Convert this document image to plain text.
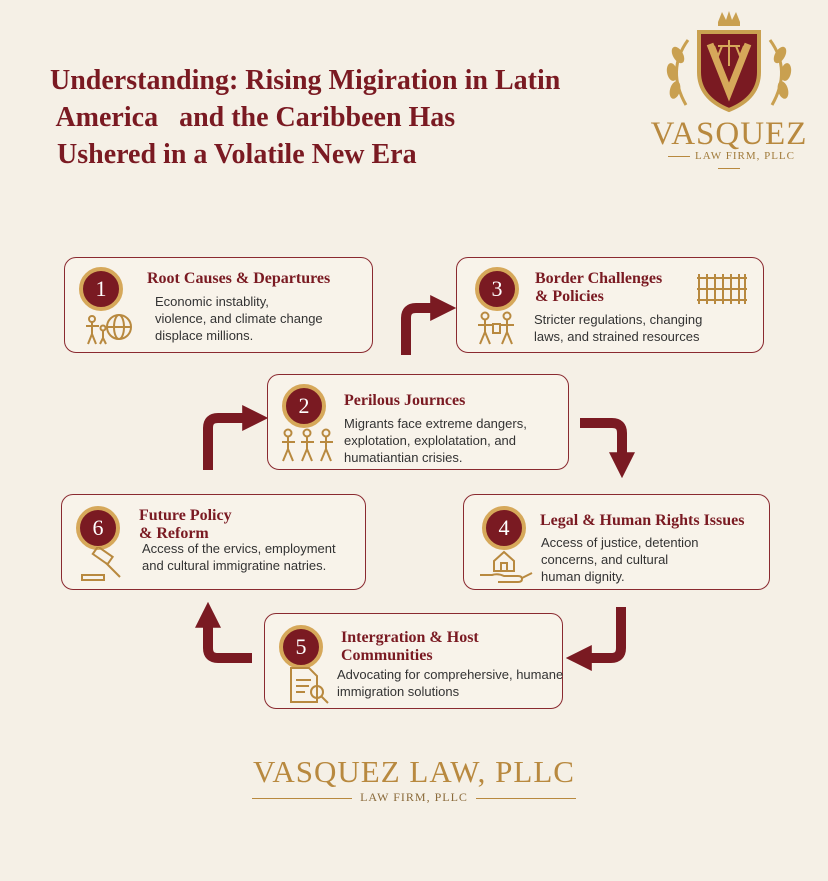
Understanding: Rising Migiration in Latin
America   and the Caribbeen Has
Ushered in a Volatile New Era
VASQUEZ
LAW FIRM, PLLC
1	Root Causes & Departures
Economic instablity,
violence, and climate change
displace millions.
3	Border Challenges
& Policies
Stricter regulations, changing
laws, and strained resources
2	Perilous Journces
Migrants face extreme dangers,
explotation, explolatation, and
humatiantian crisies.
6	Future Policy
& Reform
Access of the ervics, employment
and cultural immigratine natries.
4	Legal & Human Rights Issues
Access of justice, detention
concerns, and cultural
human dignity.
5	Intergration & Host
Communities
Advocating for comprehersive, humane
immigration solutions
VASQUEZ LAW, PLLC
LAW FIRM, PLLC
